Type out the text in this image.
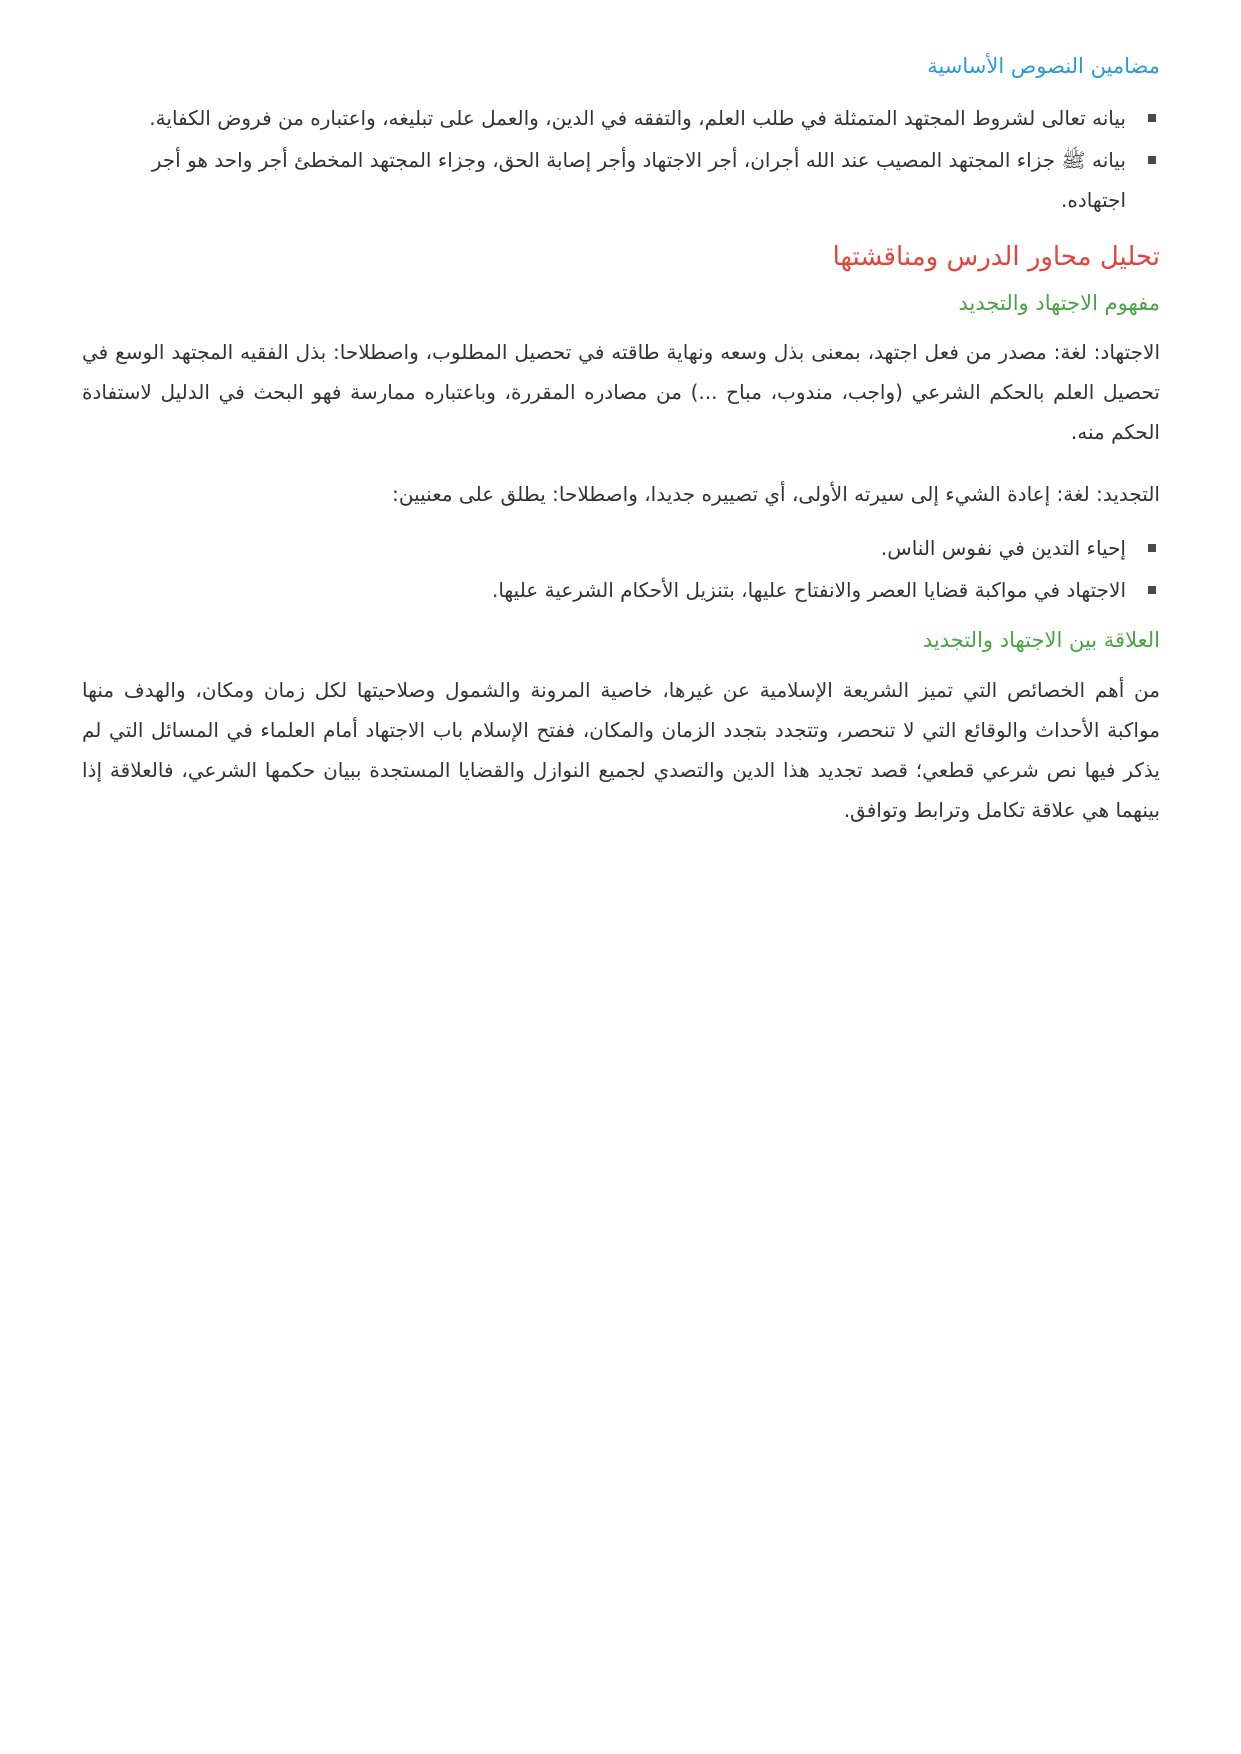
مضامين النصوص الأساسية
بيانه تعالى لشروط المجتهد المتمثلة في طلب العلم، والتفقه في الدين، والعمل على تبليغه، واعتباره من فروض الكفاية.
بيانه ﷺ جزاء المجتهد المصيب عند الله أجران، أجر الاجتهاد وأجر إصابة الحق، وجزاء المجتهد المخطئ أجر واحد هو أجر اجتهاده.
تحليل محاور الدرس ومناقشتها
مفهوم الاجتهاد والتجديد

الاجتهاد: لغة: مصدر من فعل اجتهد، بمعنى بذل وسعه ونهاية طاقته في تحصيل المطلوب، واصطلاحا: بذل الفقيه المجتهد الوسع في تحصيل العلم بالحكم الشرعي (واجب، مندوب، مباح ...) من مصادره المقررة، وباعتباره ممارسة فهو البحث في الدليل لاستفادة الحكم منه.

التجديد: لغة: إعادة الشيء إلى سيرته الأولى، أي تصييره جديدا، واصطلاحا: يطلق على معنيين:

إحياء التدين في نفوس الناس.
الاجتهاد في مواكبة قضايا العصر والانفتاح عليها، بتنزيل الأحكام الشرعية عليها.
العلاقة بين الاجتهاد والتجديد

من أهم الخصائص التي تميز الشريعة الإسلامية عن غيرها، خاصية المرونة والشمول وصلاحيتها لكل زمان ومكان، والهدف منها مواكبة الأحداث والوقائع التي لا تنحصر، وتتجدد بتجدد الزمان والمكان، ففتح الإسلام باب الاجتهاد أمام العلماء في المسائل التي لم يذكر فيها نص شرعي قطعي؛ قصد تجديد هذا الدين والتصدي لجميع النوازل والقضايا المستجدة ببيان حكمها الشرعي، فالعلاقة إذا بينهما هي علاقة تكامل وترابط وتوافق.
